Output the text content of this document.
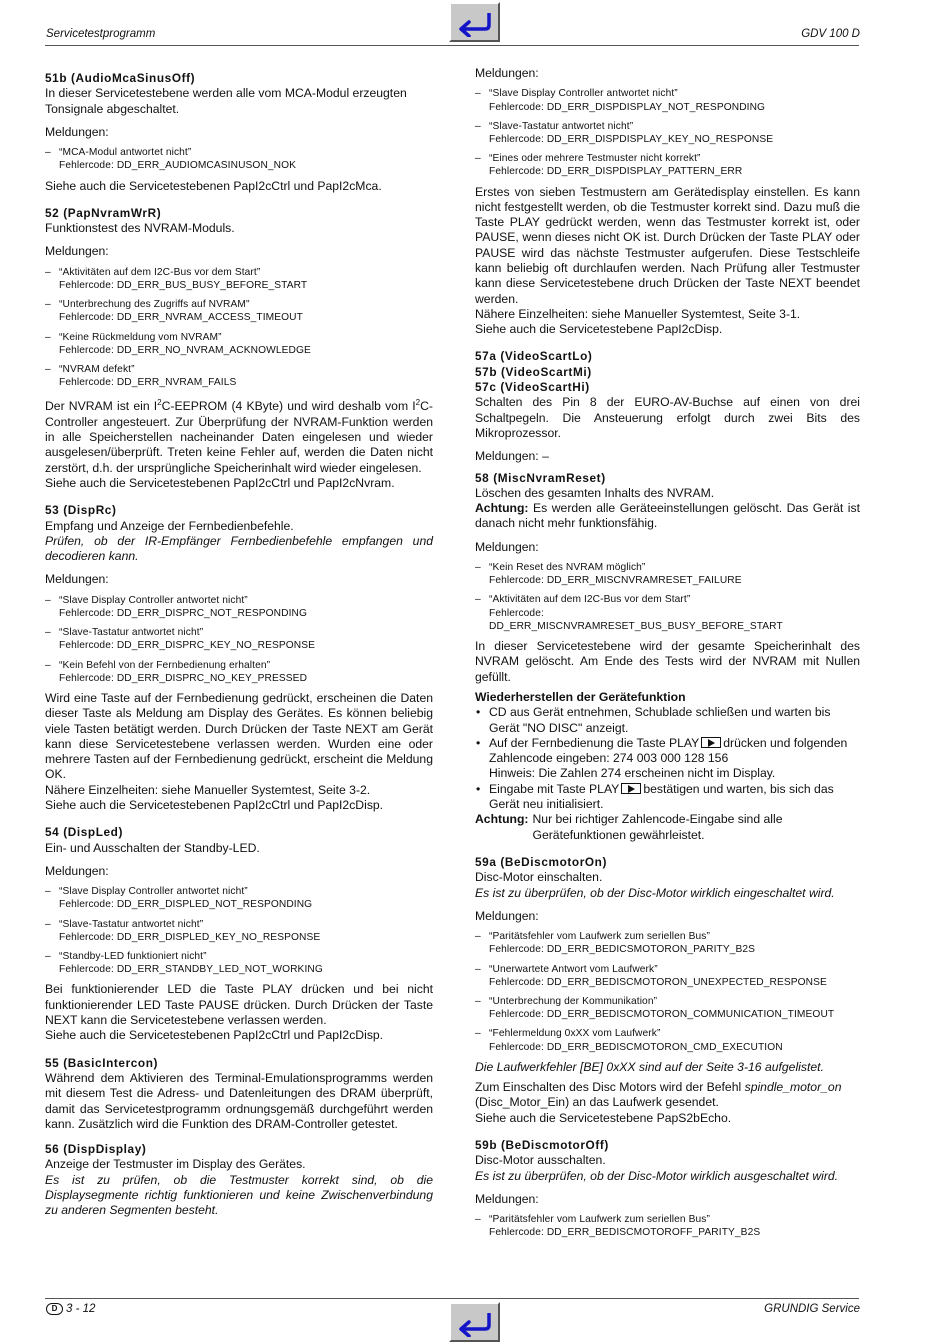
Servicetestprogramm	GDV 100 D
51b (AudioMcaSinusOff)

In dieser Servicetestebene werden alle vom MCA-Modul erzeugten Tonsignale abgeschaltet.

Meldungen:
– “MCA-Modul antwortet nicht”
Fehlercode: DD_ERR_AUDIOMCASINUSON_NOK

Siehe auch die Servicetestebenen PapI2cCtrl und PapI2cMca.

52 (PapNvramWrR)

Funktionstest des NVRAM-Moduls.

Meldungen:
– “Aktivitäten auf dem I2C-Bus vor dem Start”
Fehlercode: DD_ERR_BUS_BUSY_BEFORE_START
– “Unterbrechung des Zugriffs auf NVRAM"
Fehlercode: DD_ERR_NVRAM_ACCESS_TIMEOUT
– “Keine Rückmeldung vom NVRAM”
Fehlercode: DD_ERR_NO_NVRAM_ACKNOWLEDGE
– “NVRAM defekt”
Fehlercode: DD_ERR_NVRAM_FAILS

Der NVRAM ist ein $I^2C$-EEPROM (4 KByte) und wird deshalb vom $I^2C$-Controller angesteuert. Zur Überprüfung der NVRAM-Funktion werden in alle Speicherstellen nacheinander Daten eingelesen und wieder ausgelesen/überprüft. Treten keine Fehler auf, werden die Daten nicht zerstört, d.h. der ursprüngliche Speicherinhalt wird wieder eingelesen.

Siehe auch die Servicetestebenen PapI2cCtrl und PapI2cNvram.

53 (DispRc)

Empfang und Anzeige der Fernbedienbefehle.

Prüfen, ob der IR-Empfänger Fernbedienbefehle empfangen und decodieren kann.

Meldungen:
– “Slave Display Controller antwortet nicht”
Fehlercode: DD_ERR_DISPRC_NOT_RESPONDING
– “Slave-Tastatur antwortet nicht”
Fehlercode: DD_ERR_DISPRC_KEY_NO_RESPONSE
– “Kein Befehl von der Fernbedienung erhalten”
Fehlercode: DD_ERR_DISPRC_NO_KEY_PRESSED

Wird eine Taste auf der Fernbedienung gedrückt, erscheinen die Daten dieser Taste als Meldung am Display des Gerätes. Es können beliebig viele Tasten betätigt werden. Durch Drücken der Taste NEXT am Gerät kann diese Servicetestebene verlassen werden. Wurden eine oder mehrere Tasten auf der Fernbedienung gedrückt, erscheint die Meldung OK.

Nähere Einzelheiten: siehe Manueller Systemtest, Seite 3-2.

Siehe auch die Servicetestebenen PapI2cCtrl und PapI2cDisp.

54 (DispLed)

Ein- und Ausschalten der Standby-LED.

Meldungen:
– “Slave Display Controller antwortet nicht”
Fehlercode: DD_ERR_DISPLED_NOT_RESPONDING
– “Slave-Tastatur antwortet nicht”
Fehlercode: DD_ERR_DISPLED_KEY_NO_RESPONSE
– “Standby-LED funktioniert nicht”
Fehlercode: DD_ERR_STANDBY_LED_NOT_WORKING

Bei funktionierender LED die Taste PLAY drücken und bei nicht funktionierender LED Taste PAUSE drücken. Durch Drücken der Taste NEXT kann die Servicetestebene verlassen werden.

Siehe auch die Servicetestebenen PapI2cCtrl und PapI2cDisp.

55 (BasicIntercon)

Während dem Aktivieren des Terminal-Emulationsprogramms werden mit diesem Test die Adress- und Datenleitungen des DRAM überprüft, damit das Servicetestprogramm ordnungsgemäß durchgeführt werden kann. Zusätzlich wird die Funktion des DRAM-Controller getestet.

56 (DispDisplay)

Anzeige der Testmuster im Display des Gerätes.

Es ist zu prüfen, ob die Testmuster korrekt sind, ob die Displaysegmente richtig funktionieren und keine Zwischenverbindung zu anderen Segmenten besteht.

Meldungen:
– “Slave Display Controller antwortet nicht”
Fehlercode: DD_ERR_DISPDISPLAY_NOT_RESPONDING
– “Slave-Tastatur antwortet nicht”
Fehlercode: DD_ERR_DISPDISPLAY_KEY_NO_RESPONSE
– “Eines oder mehrere Testmuster nicht korrekt”
Fehlercode: DD_ERR_DISPDISPLAY_PATTERN_ERR

Erstes von sieben Testmustern am Gerätedisplay einstellen. Es kann nicht festgestellt werden, ob die Testmuster korrekt sind. Dazu muß die Taste PLAY gedrückt werden, wenn das Testmuster korrekt ist, oder PAUSE, wenn dieses nicht OK ist. Durch Drücken der Taste PLAY oder PAUSE wird das nächste Testmuster aufgerufen. Diese Testschleife kann beliebig oft durchlaufen werden. Nach Prüfung aller Testmuster kann diese Servicetestebene druch Drücken der Taste NEXT beendet werden.

Nähere Einzelheiten: siehe Manueller Systemtest, Seite 3-1.

Siehe auch die Servicetestebene PapI2cDisp.

57a (VideoScartLo)
57b (VideoScartMi)
57c (VideoScartHi)

Schalten des Pin 8 der EURO-AV-Buchse auf einen von drei Schaltpegeln. Die Ansteuerung erfolgt durch zwei Bits des Mikroprozessor.

Meldungen: –
58 (MiscNvramReset)

Löschen des gesamten Inhalts des NVRAM.

Achtung: Es werden alle Geräteeinstellungen gelöscht. Das Gerät ist danach nicht mehr funktionsfähig.

Meldungen:
– “Kein Reset des NVRAM möglich”
Fehlercode: DD_ERR_MISCNVRAMRESET_FAILURE
– “Aktivitäten auf dem I2C-Bus vor dem Start”
Fehlercode:
DD_ERR_MISCNVRAMRESET_BUS_BUSY_BEFORE_START

In dieser Servicetestebene wird der gesamte Speicherinhalt des NVRAM gelöscht. Am Ende des Tests wird der NVRAM mit Nullen gefüllt.

Wiederherstellen der Gerätefunktion
• CD aus Gerät entnehmen, Schublade schließen und warten bis Gerät "NO DISC" anzeigt.
• Auf der Fernbedienung die Taste PLAY drücken und folgenden Zahlencode eingeben: 274 003 000 128 156
Hinweis: Die Zahlen 274 erscheinen nicht im Display.
• Eingabe mit Taste PLAY bestätigen und warten, bis sich das Gerät neu initialisiert.
Achtung: Nur bei richtiger Zahlencode-Eingabe sind alle Gerätefunktionen gewährleistet.
59a (BeDiscmotorOn)

Disc-Motor einschalten.

Es ist zu überprüfen, ob der Disc-Motor wirklich eingeschaltet wird.

Meldungen:
– “Paritätsfehler vom Laufwerk zum seriellen Bus”
Fehlercode: DD_ERR_BEDICSMOTORON_PARITY_B2S
– “Unerwartete Antwort vom Laufwerk”
Fehlercode: DD_ERR_BEDISCMOTORON_UNEXPECTED_RESPONSE
– “Unterbrechung der Kommunikation”
Fehlercode: DD_ERR_BEDISCMOTORON_COMMUNICATION_TIMEOUT
– “Fehlermeldung 0xXX vom Laufwerk”
Fehlercode: DD_ERR_BEDISCMOTORON_CMD_EXECUTION

Die Laufwerkfehler [BE] 0xXX sind auf der Seite 3-16 aufgelistet.

Zum Einschalten des Disc Motors wird der Befehl spindle_motor_on (Disc_Motor_Ein) an das Laufwerk gesendet.

Siehe auch die Servicetestebene PapS2bEcho.

59b (BeDiscmotorOff)

Disc-Motor ausschalten.

Es ist zu überprüfen, ob der Disc-Motor wirklich ausgeschaltet wird.

Meldungen:
– “Paritätsfehler vom Laufwerk zum seriellen Bus”
Fehlercode: DD_ERR_BEDISCMOTOROFF_PARITY_B2S
D 3 - 12	GRUNDIG Service
